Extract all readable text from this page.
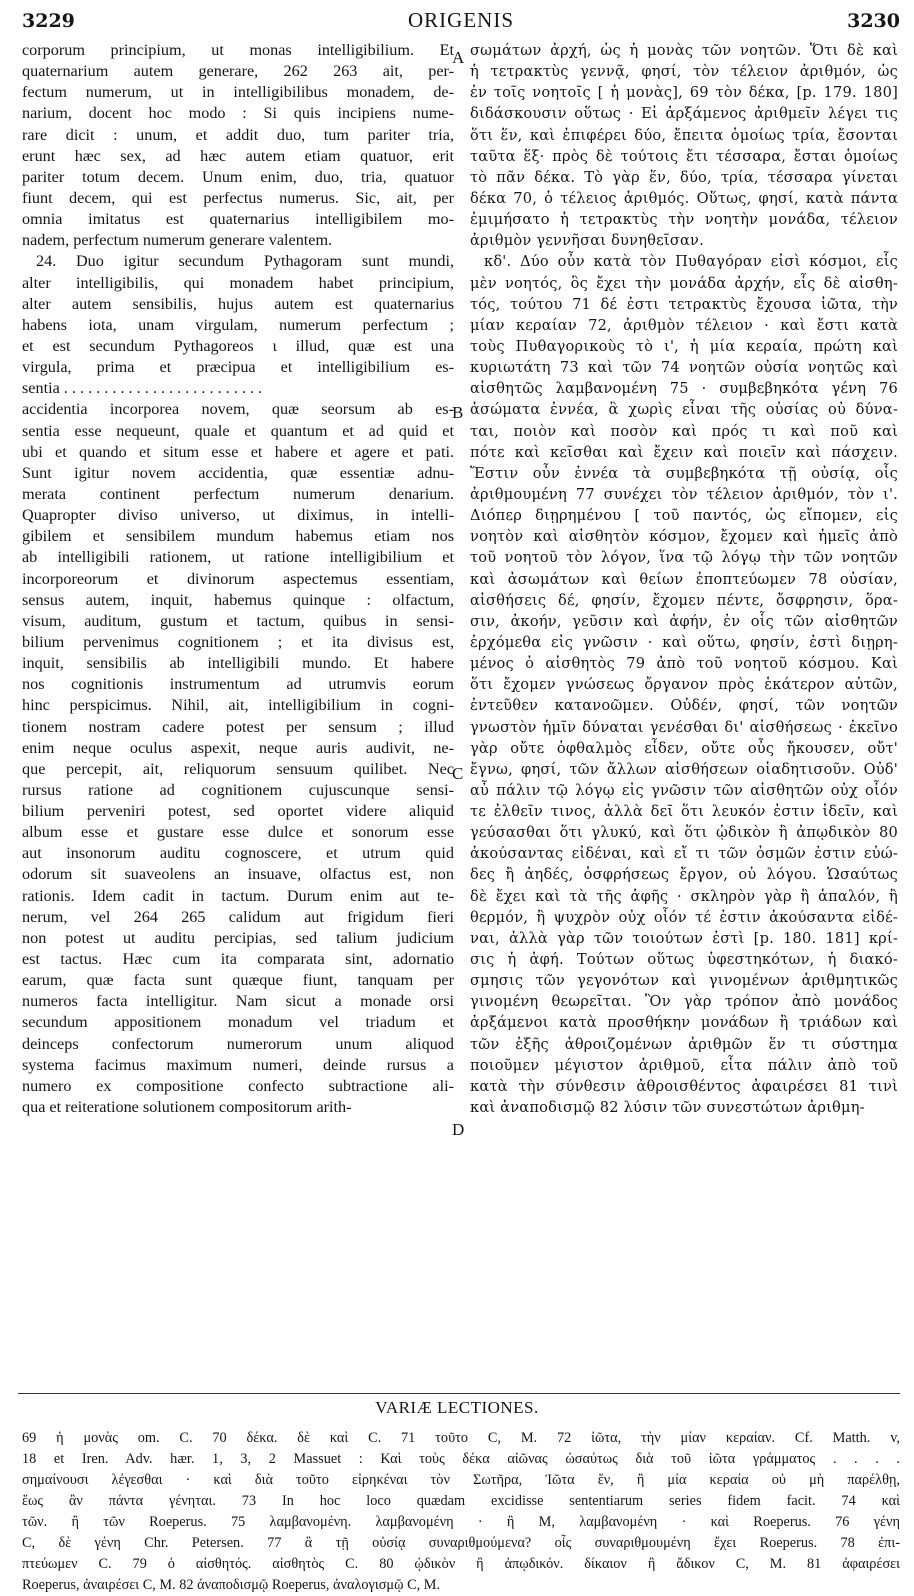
3229	ORIGENIS	3230
corporum principium, ut monas intelligibilium. Et
quaternarium autem generare, 262 263 ait, per-
fectum numerum, ut in intelligibilibus monadem, de-
narium, docent hoc modo : Si quis incipiens nume-
rare dicit : unum, et addit duo, tum pariter tria,
erunt hæc sex, ad hæc autem etiam quatuor, erit
pariter totum decem. Unum enim, duo, tria, quatuor
fiunt decem, qui est perfectus numerus. Sic, ait, per
omnia imitatus est quaternarius intelligibilem mo-
nadem, perfectum numerum generare valentem.
24. Duo igitur secundum Pythagoram sunt mundi,
alter intelligibilis, qui monadem habet principium,
alter autem sensibilis, hujus autem est quaternarius
habens iota, unam virgulam, numerum perfectum ;
et est secundum Pythagoreos ι illud, quæ est una
virgula, prima et præcipua et intelligibilium es-
sentia . . . . . . . . . . . . . . . . . . . . . . . . .
accidentia incorporea novem, quæ seorsum ab es-
sentia esse nequeunt, quale et quantum et ad quid et
ubi et quando et situm esse et habere et agere et pati.
Sunt igitur novem accidentia, quæ essentiæ adnu-
merata continent perfectum numerum denarium.
Quapropter diviso universo, ut diximus, in intelli-
gibilem et sensibilem mundum habemus etiam nos
ab intelligibili rationem, ut ratione intelligibilium et
incorporeorum et divinorum aspectemus essentiam,
sensus autem, inquit, habemus quinque : olfactum,
visum, auditum, gustum et tactum, quibus in sensi-
bilium pervenimus cognitionem ; et ita divisus est,
inquit, sensibilis ab intelligibili mundo. Et habere
nos cognitionis instrumentum ad utrumvis eorum
hinc perspicimus. Nihil, ait, intelligibilium in cogni-
tionem nostram cadere potest per sensum ; illud
enim neque oculus aspexit, neque auris audivit, ne-
que percepit, ait, reliquorum sensuum quilibet. Nec
rursus ratione ad cognitionem cujuscunque sensi-
bilium perveniri potest, sed oportet videre aliquid
album esse et gustare esse dulce et sonorum esse
aut insonorum auditu cognoscere, et utrum quid
odorum sit suaveolens an insuave, olfactus est, non
rationis. Idem cadit in tactum. Durum enim aut te-
nerum, vel 264 265 calidum aut frigidum fieri
non potest ut auditu percipias, sed talium judicium
est tactus. Hæc cum ita comparata sint, adornatio
earum, quæ facta sunt quæque fiunt, tanquam per
numeros facta intelligitur. Nam sicut a monade orsi
secundum appositionem monadum vel triadum et
deinceps confectorum numerorum unum aliquod
systema facimus maximum numeri, deinde rursus a
numero ex compositione confecto subtractione ali-
qua et reiteratione solutionem compositorum arith-
σωμάτων ἀρχή, ὡς ἡ μονὰς τῶν νοητῶν. Ὅτι δὲ καὶ
ἡ τετρακτὺς γεννᾷ, φησί, τὸν τέλειον ἀριθμόν, ὡς
ἐν τοῖς νοητοῖς [ ἡ μονὰς], 69 τὸν δέκα, [p. 179. 180]
διδάσκουσιν οὕτως · Εἰ ἀρξάμενος ἀριθμεῖν λέγει τις
ὅτι ἕν, καὶ ἐπιφέρει δύο, ἔπειτα ὁμοίως τρία, ἔσονται
ταῦτα ἕξ· πρὸς δὲ τούτοις ἔτι τέσσαρα, ἔσται ὁμοίως
τὸ πᾶν δέκα. Τὸ γὰρ ἕν, δύο, τρία, τέσσαρα γίνεται
δέκα 70, ὁ τέλειος ἀριθμός. Οὕτως, φησί, κατὰ πάντα
ἐμιμήσατο ἡ τετρακτὺς τὴν νοητὴν μονάδα, τέλειον
ἀριθμὸν γεννῆσαι δυνηθεῖσαν.
κδ'. Δύο οὖν κατὰ τὸν Πυθαγόραν εἰσὶ κόσμοι, εἷς
μὲν νοητός, ὃς ἔχει τὴν μονάδα ἀρχήν, εἷς δὲ αἰσθη-
τός, τούτου 71 δέ ἐστι τετρακτὺς ἔχουσα ἰῶτα, τὴν
μίαν κεραίαν 72, ἀριθμὸν τέλειον · καὶ ἔστι κατὰ
τοὺς Πυθαγορικοὺς τὸ ι', ἡ μία κεραία, πρώτη καὶ
κυριωτάτη 73 καὶ τῶν 74 νοητῶν οὐσία νοητῶς καὶ
αἰσθητῶς λαμβανομένη 75 · συμβεβηκότα γένη 76
ἀσώματα ἐννέα, ἃ χωρὶς εἶναι τῆς οὐσίας οὐ δύνα-
ται, ποιὸν καὶ ποσὸν καὶ πρός τι καὶ ποῦ καὶ
πότε καὶ κεῖσθαι καὶ ἔχειν καὶ ποιεῖν καὶ πάσχειν.
Ἔστιν οὖν ἐννέα τὰ συμβεβηκότα τῇ οὐσίᾳ, οἷς
ἀριθμουμένη 77 συνέχει τὸν τέλειον ἀριθμόν, τὸν ι'.
Διόπερ διῃρημένου [ τοῦ παντός, ὡς εἴπομεν, εἰς
νοητὸν καὶ αἰσθητὸν κόσμον, ἔχομεν καὶ ἡμεῖς ἀπὸ
τοῦ νοητοῦ τὸν λόγον, ἵνα τῷ λόγῳ τὴν τῶν νοητῶν
καὶ ἀσωμάτων καὶ θείων ἐποπτεύωμεν 78 οὐσίαν,
αἰσθήσεις δέ, φησίν, ἔχομεν πέντε, ὄσφρησιν, ὅρα-
σιν, ἀκοήν, γεῦσιν καὶ ἁφήν, ἐν οἷς τῶν αἰσθητῶν
ἐρχόμεθα εἰς γνῶσιν · καὶ οὕτω, φησίν, ἐστὶ διῃρη-
μένος ὁ αἰσθητὸς 79 ἀπὸ τοῦ νοητοῦ κόσμου. Καὶ
ὅτι ἔχομεν γνώσεως ὄργανον πρὸς ἑκάτερον αὐτῶν,
ἐντεῦθεν κατανοῶμεν. Οὐδέν, φησί, τῶν νοητῶν
γνωστὸν ἡμῖν δύναται γενέσθαι δι' αἰσθήσεως · ἐκεῖνο
γὰρ οὔτε ὀφθαλμὸς εἶδεν, οὔτε οὖς ἤκουσεν, οὔτ'
ἔγνω, φησί, τῶν ἄλλων αἰσθήσεων οἱαδητισοῦν. Οὐδ'
αὖ πάλιν τῷ λόγῳ εἰς γνῶσιν τῶν αἰσθητῶν οὐχ οἷόν
τε ἐλθεῖν τινος, ἀλλὰ δεῖ ὅτι λευκόν ἐστιν ἰδεῖν, καὶ
γεύσασθαι ὅτι γλυκύ, καὶ ὅτι ᾠδικὸν ἢ ἀπῳδικὸν 80
ἀκούσαντας εἰδέναι, καὶ εἴ τι τῶν ὀσμῶν ἐστιν εὐώ-
δες ἢ ἀηδές, ὀσφρήσεως ἔργον, οὐ λόγου. Ὡσαύτως
δὲ ἔχει καὶ τὰ τῆς ἁφῆς · σκληρὸν γὰρ ἢ ἁπαλόν, ἢ
θερμόν, ἢ ψυχρὸν οὐχ οἷόν τέ ἐστιν ἀκούσαντα εἰδέ-
ναι, ἀλλὰ γὰρ τῶν τοιούτων ἐστὶ [p. 180. 181] κρί-
σις ἡ ἁφή. Τούτων οὕτως ὑφεστηκότων, ἡ διακό-
σμησις τῶν γεγονότων καὶ γινομένων ἀριθμητικῶς
γινομένη θεωρεῖται. Ὃν γὰρ τρόπον ἀπὸ μονάδος
ἀρξάμενοι κατὰ προσθήκην μονάδων ἢ τριάδων καὶ
τῶν ἑξῆς ἀθροιζομένων ἀριθμῶν ἕν τι σύστημα
ποιοῦμεν μέγιστον ἀριθμοῦ, εἶτα πάλιν ἀπὸ τοῦ
κατὰ τὴν σύνθεσιν ἀθροισθέντος ἀφαιρέσει 81 τινὶ
καὶ ἀναποδισμῷ 82 λύσιν τῶν συνεστώτων ἀριθμη-
A
B
C
D
VARIÆ LECTIONES.
69 ἡ μονὰς om. C. 70 δέκα. δὲ καὶ C. 71 τοῦτο C, M. 72 ἰῶτα, τὴν μίαν κεραίαν. Cf. Matth. v,
18 et Iren. Adv. hær. 1, 3, 2 Massuet : Καὶ τοὺς δέκα αἰῶνας ὡσαύτως διὰ τοῦ ἰῶτα γράμματος . . . .
σημαίνουσι λέγεσθαι · καὶ διὰ τοῦτο εἰρηκέναι τὸν Σωτῆρα, Ἰῶτα ἕν, ἢ μία κεραία οὐ μὴ παρέλθῃ,
ἕως ἂν πάντα γένηται. 73 In hoc loco quædam excidisse sententiarum series fidem facit. 74 καὶ
τῶν. ἢ τῶν Roeperus. 75 λαμβανομένη. λαμβανομένη · ἢ M, λαμβανομένη · καὶ Roeperus. 76 γένη
C, δὲ γένη Chr. Petersen. 77 ἃ τῇ οὐσίᾳ συναριθμούμενα? οἷς συναριθμουμένη ἔχει Roeperus. 78 ἐπι-
πτεύωμεν C. 79 ὁ αἰσθητός. αἰσθητὸς C. 80 ᾠδικὸν ἢ ἀπῳδικόν. δίκαιον ἢ ἄδικον C, M. 81 ἀφαιρέσει
Roeperus, ἀναιρέσει C, M. 82 ἀναποδισμῷ Roeperus, ἀναλογισμῷ C, M.
